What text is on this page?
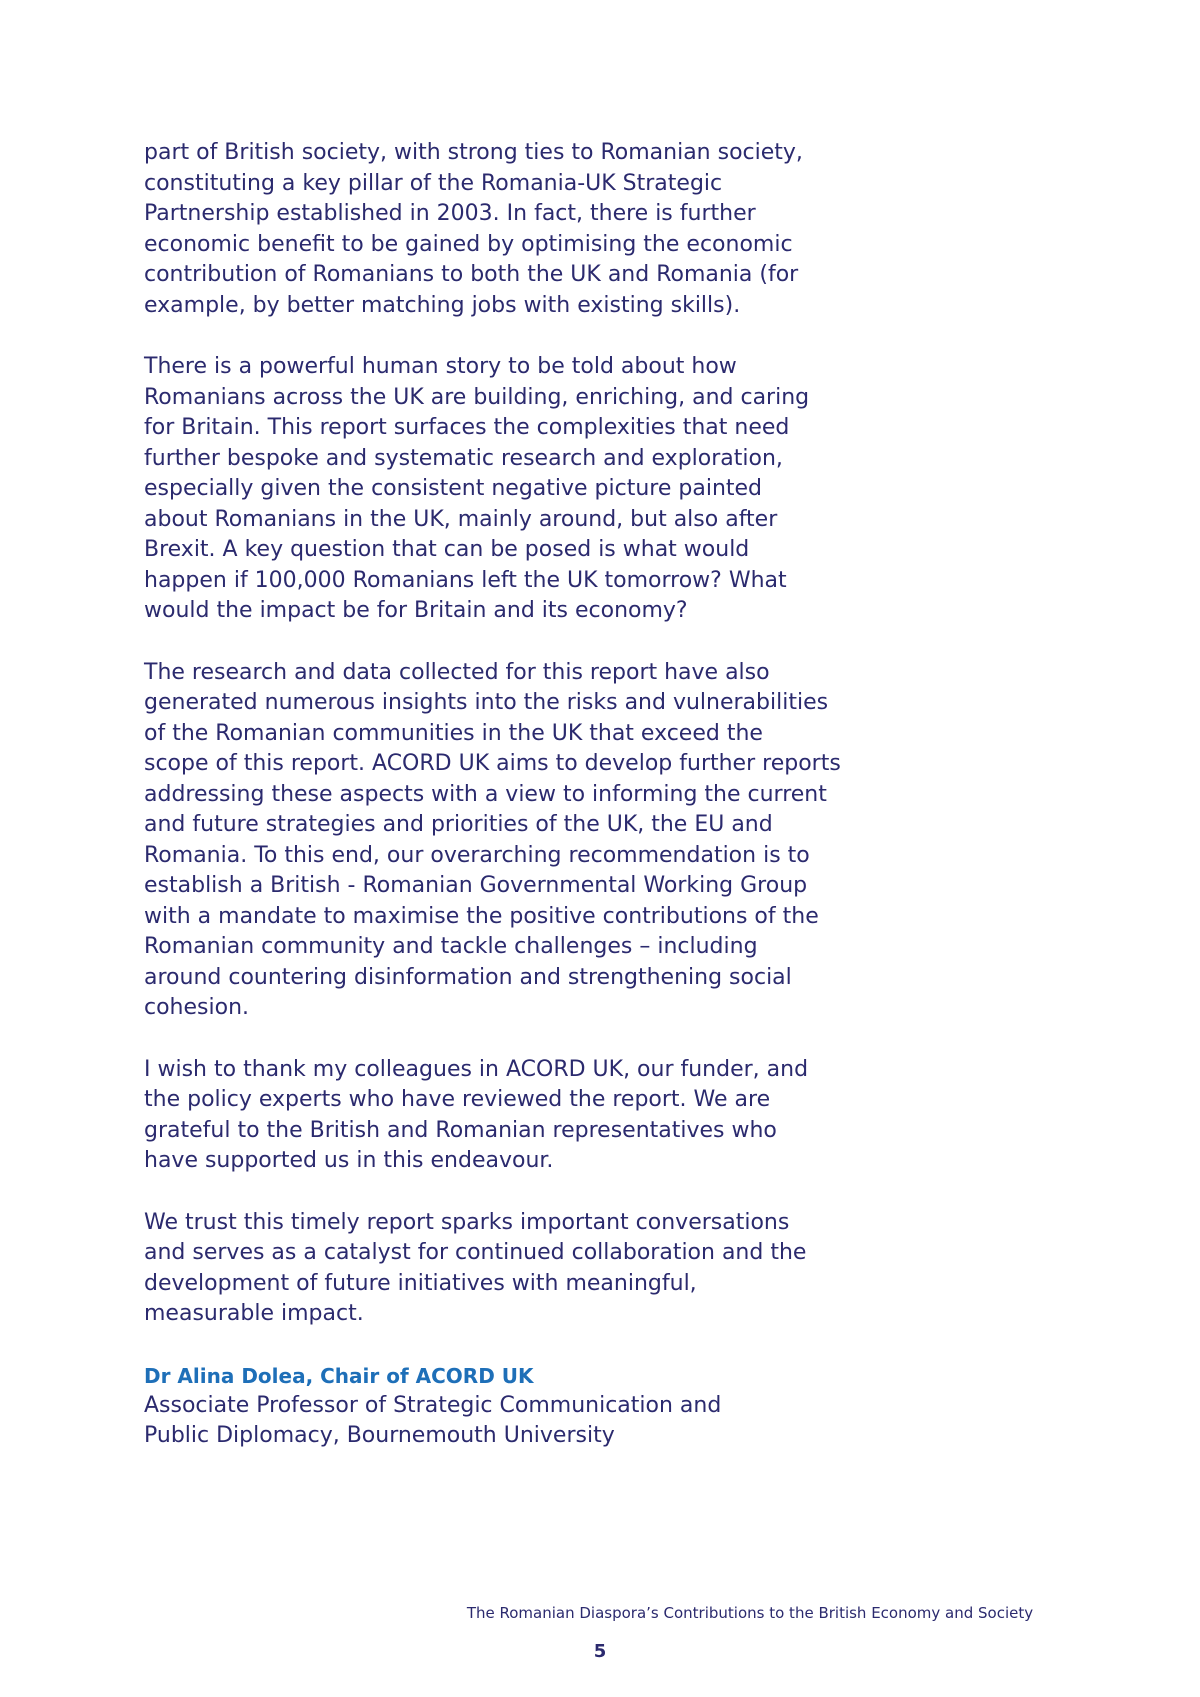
part of British society, with strong ties to Romanian society,
constituting a key pillar of the Romania-UK Strategic
Partnership established in 2003. In fact, there is further
economic benefit to be gained by optimising the economic
contribution of Romanians to both the UK and Romania (for
example, by better matching jobs with existing skills).

There is a powerful human story to be told about how
Romanians across the UK are building, enriching, and caring
for Britain. This report surfaces the complexities that need
further bespoke and systematic research and exploration,
especially given the consistent negative picture painted
about Romanians in the UK, mainly around, but also after
Brexit. A key question that can be posed is what would
happen if 100,000 Romanians left the UK tomorrow? What
would the impact be for Britain and its economy?

The research and data collected for this report have also
generated numerous insights into the risks and vulnerabilities
of the Romanian communities in the UK that exceed the
scope of this report. ACORD UK aims to develop further reports
addressing these aspects with a view to informing the current
and future strategies and priorities of the UK, the EU and
Romania. To this end, our overarching recommendation is to
establish a British - Romanian Governmental Working Group
with a mandate to maximise the positive contributions of the
Romanian community and tackle challenges – including
around countering disinformation and strengthening social
cohesion.

I wish to thank my colleagues in ACORD UK, our funder, and
the policy experts who have reviewed the report. We are
grateful to the British and Romanian representatives who
have supported us in this endeavour.

We trust this timely report sparks important conversations
and serves as a catalyst for continued collaboration and the
development of future initiatives with meaningful,
measurable impact.

Dr Alina Dolea, Chair of ACORD UK
Associate Professor of Strategic Communication and
Public Diplomacy, Bournemouth University
The Romanian Diaspora’s Contributions to the British Economy and Society
5
